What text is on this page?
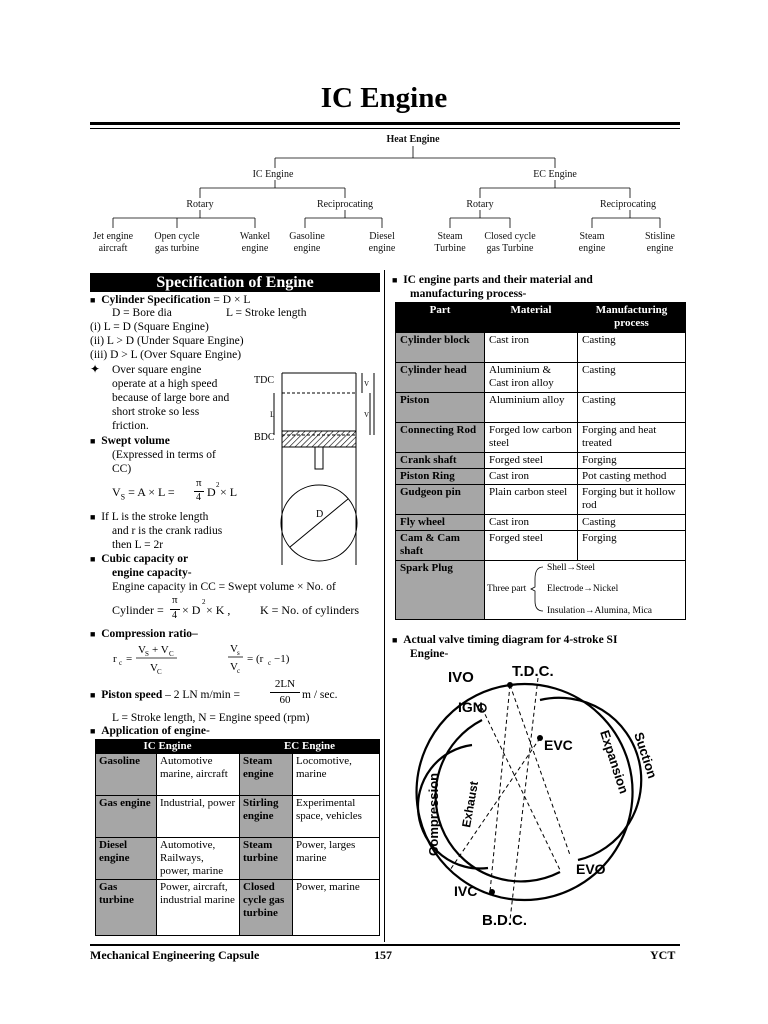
IC Engine
Heat Engine
IC Engine	EC Engine
Rotary	Reciprocating	Rotary	Reciprocating
Jet engine
aircraft
Open cycle
gas turbine
Wankel
engine
Gasoline
engine
Diesel
engine
Steam
Turbine
Closed cycle
gas Turbine
Steam
engine
Stisline
engine
Specification of Engine
■ Cylinder Specification = D × L
D = Bore dia	L = Stroke length
(i) L = D (Square Engine)
(ii) L > D (Under Square Engine)
(iii) D > L (Over Square Engine)
✦ Over square engine
operate at a high speed
because of large bore and
short stroke so less
friction.
■ Swept volume
(Expressed in terms of
CC)
$V_S = A \times L$ =
π
4 D 2 × L
■ If L is the stroke length
and r is the crank radius
then L = 2r
■ Cubic capacity or
engine capacity-
Engine capacity in CC = Swept volume × No. of
Cylinder =
π
4 × D
2
× K , K = No. of cylinders
■ Compression ratio–
r c =
V S + V C
V C
V s
V c
= (r c −1)
■ Piston speed – 2 LN m/min =
2LN
60	m / sec.
L = Stroke length, N = Engine speed (rpm)
■ Application of engine-
TDC
BDC
L
V
V
D
IC Engine		EC Engine	
Gasoline	Automotive marine, aircraft	Steam engine	Locomotive, marine
Gas engine	Industrial, power	Stirling engine	Experimental space, vehicles
Diesel engine	Automotive, Railways, power, marine	Steam turbine	Power, larges marine
Gas turbine	Power, aircraft, industrial marine	Closed cycle gas turbine	Power, marine
■ IC engine parts and their material and
manufacturing process-
Part	Material	Manufacturing process
Cylinder block	Cast iron	Casting
Cylinder head	Aluminium & Cast iron alloy	Casting
Piston	Aluminium alloy	Casting
Connecting Rod	Forged low carbon steel	Forging and heat treated
Crank shaft	Forged steel	Forging
Piston Ring	Cast iron	Pot casting method
Gudgeon pin	Plain carbon steel	Forging but it hollow rod
Fly wheel	Cast iron	Casting
Cam & Cam shaft	Forged steel	Forging
Spark Plug	Three part
Shell→Steel
Electrode→Nickel
Insulation→Alumina, Mica	
■ Actual valve timing diagram for 4-stroke SI
Engine-
IVO	T.D.C.
IGN
EVC Expansion Suction
Compression Exhaust
EVO
IVC
B.D.C.
Mechanical Engineering Capsule	157	YCT
